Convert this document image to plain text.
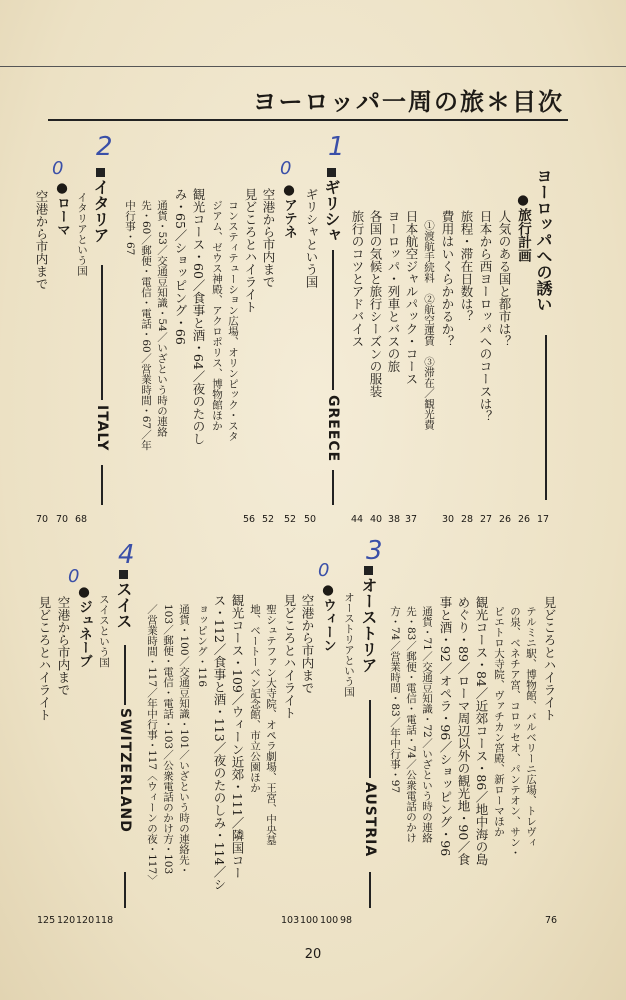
ヨーロッパ一周の旅＊目次
1
2
0
0
3
4
0
0
ヨーロッパへの誘い
17
●旅行計画
26
人気のある国と都市は？
26
日本から西ヨーロッパへのコースは？
27
旅程・滞在日数は？
28
費用はいくらかかるか？
30
①渡航手続料　②航空運賃　③滞在／観光費
日本航空ジャルパック・コース
37
ヨーロッパ・列車とバスの旅
38
各国の気候と旅行シーズンの服装
40
旅行のコツとアドバイス
44
ギリシャ
GREECE
ギリシャという国
50
●アテネ
52
空港から市内まで
52
見どころとハイライト
56
コンスティテューション広場、オリンピック・スタ
ジアム、ゼウス神殿、アクロポリス、博物館ほか
観光コース・60／食事と酒・64／夜のたのし
み・65／ショッピング・66
通貨・53／交通豆知識・54／いざという時の連絡
先・60／郵便・電信・電話・60／営業時間・67／年
中行事・67
イタリア
ITALY
イタリアという国
68
●ローマ
70
空港から市内まで
70
見どころとハイライト
76
テルミニ駅、博物館、バルベリーニ広場、トレヴィ
の泉、ベネチア宮、コロッセオ、パンテオン、サン・
ピエトロ大寺院、ヴァチカン宮殿、新ローマほか
観光コース・84／近郊コース・86／地中海の島
めぐり・89／ローマ周辺以外の観光地・90／食
事と酒・92／オペラ・96／ショッピング・96
通貨・71／交通豆知識・72／いざという時の連絡
先・83／郵便・電信・電話・74／公衆電話のかけ
方・74／営業時間・83／年中行事・97
オーストリア
AUSTRIA
オーストリアという国
98
●ウィーン
100
空港から市内まで
100
見どころとハイライト
103
聖シュテファン大寺院、オペラ劇場、王宮、中央墓
地、ベートーベン記念館、市立公園ほか
観光コース・109／ウィーン近郊・111／隣国コー
ス・112／食事と酒・113／夜のたのしみ・114／シ
ョッピング・116
通貨・100／交通豆知識・101／いざという時の連絡先・
103／郵便・電信・電話・103／公衆電話のかけ方・103
／営業時間・117／年中行事・117〈ウィーンの夜・117〉
スイス
SWITZERLAND
スイスという国
118
●ジュネーブ
120
空港から市内まで
120
見どころとハイライト
125
20
